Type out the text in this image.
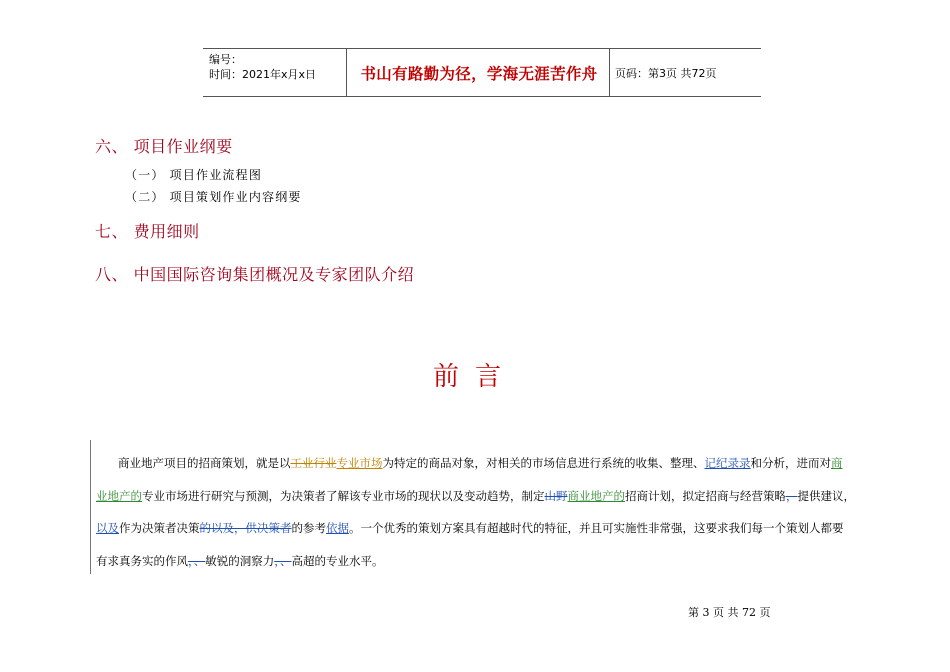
编号：
时间：2021年x月x日	书山有路勤为径，学海无涯苦作舟	页码：第3页 共72页
六、 项目作业纲要
（一） 项目作业流程图
（二） 项目策划作业内容纲要
七、 费用细则
八、 中国国际咨询集团概况及专家团队介绍
前言
商业地产项目的招商策划，就是以工业行业专业市场为特定的商品对象，对相关的市场信息进行系统的收集、整理、记纪录录和分析，进而对商
业地产的专业市场进行研究与预测，为决策者了解该专业市场的现状以及变动趋势，制定山野商业地产的招商计划，拟定招商与经营策略，提供建议，
以及作为决策者决策的以及，供决策者的参考依据。一个优秀的策划方案具有超越时代的特征，并且可实施性非常强，这要求我们每一个策划人都要
有求真务实的作风，、敏锐的洞察力，、高超的专业水平。
第 3 页 共 72 页
